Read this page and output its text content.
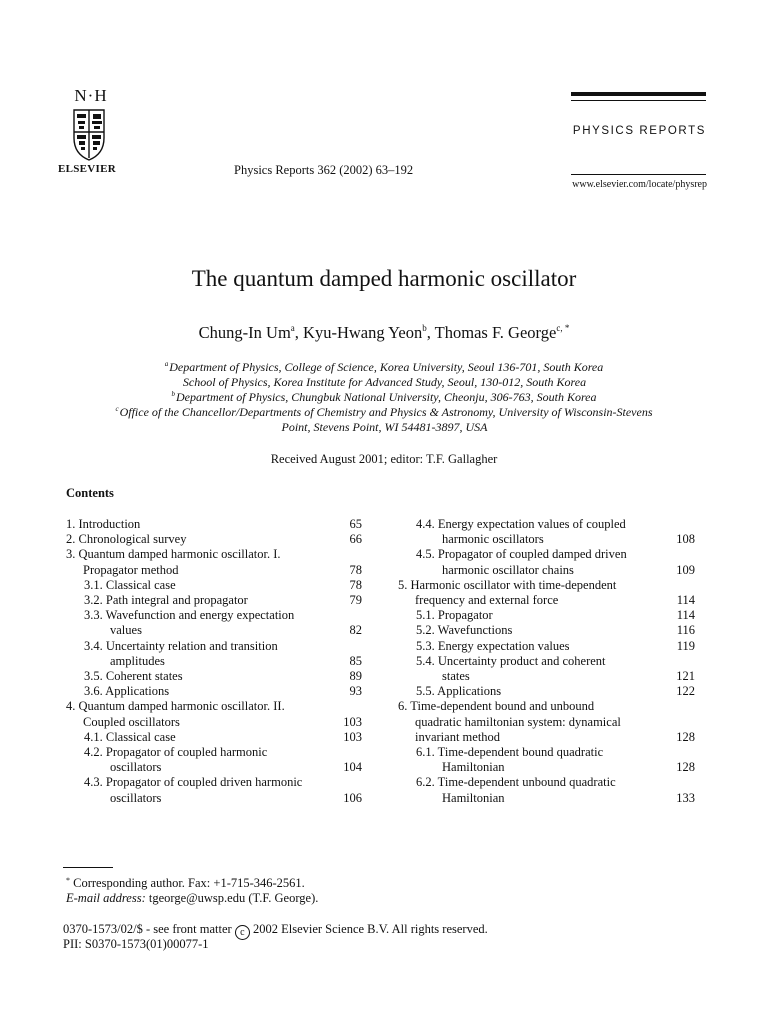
N·H
ELSEVIER	Physics Reports 362 (2002) 63–192
PHYSICS REPORTS
www.elsevier.com/locate/physrep
The quantum damped harmonic oscillator
Chung-In Um$^a$, Kyu-Hwang Yeon$^b$, Thomas F. George$^{c, *}$
$^a$Department of Physics, College of Science, Korea University, Seoul 136-701, South Korea
School of Physics, Korea Institute for Advanced Study, Seoul, 130-012, South Korea
$^b$Department of Physics, Chungbuk National University, Cheonju, 306-763, South Korea
$^c$Office of the Chancellor/Departments of Chemistry and Physics & Astronomy, University of Wisconsin-Stevens
Point, Stevens Point, WI 54481-3897, USA
Received August 2001; editor: T.F. Gallagher
Contents
1. Introduction	65
2. Chronological survey	66
3. Quantum damped harmonic oscillator. I.
Propagator method	78
3.1. Classical case	78
3.2. Path integral and propagator	79
3.3. Wavefunction and energy expectation
values	82
3.4. Uncertainty relation and transition
amplitudes	85
3.5. Coherent states	89
3.6. Applications	93
4. Quantum damped harmonic oscillator. II.
Coupled oscillators	103
4.1. Classical case	103
4.2. Propagator of coupled harmonic
oscillators	104
4.3. Propagator of coupled driven harmonic
oscillators	106
4.4. Energy expectation values of coupled
harmonic oscillators	108
4.5. Propagator of coupled damped driven
harmonic oscillator chains	109
5. Harmonic oscillator with time-dependent
frequency and external force	114
5.1. Propagator	114
5.2. Wavefunctions	116
5.3. Energy expectation values	119
5.4. Uncertainty product and coherent
states	121
5.5. Applications	122
6. Time-dependent bound and unbound
quadratic hamiltonian system: dynamical
invariant method	128
6.1. Time-dependent bound quadratic
Hamiltonian	128
6.2. Time-dependent unbound quadratic
Hamiltonian	133
* Corresponding author. Fax: +1-715-346-2561.
E-mail address: tgeorge@uwsp.edu (T.F. George).
0370-1573/02/$ - see front matter c 2002 Elsevier Science B.V. All rights reserved.
PII: S0370-1573(01)00077-1
